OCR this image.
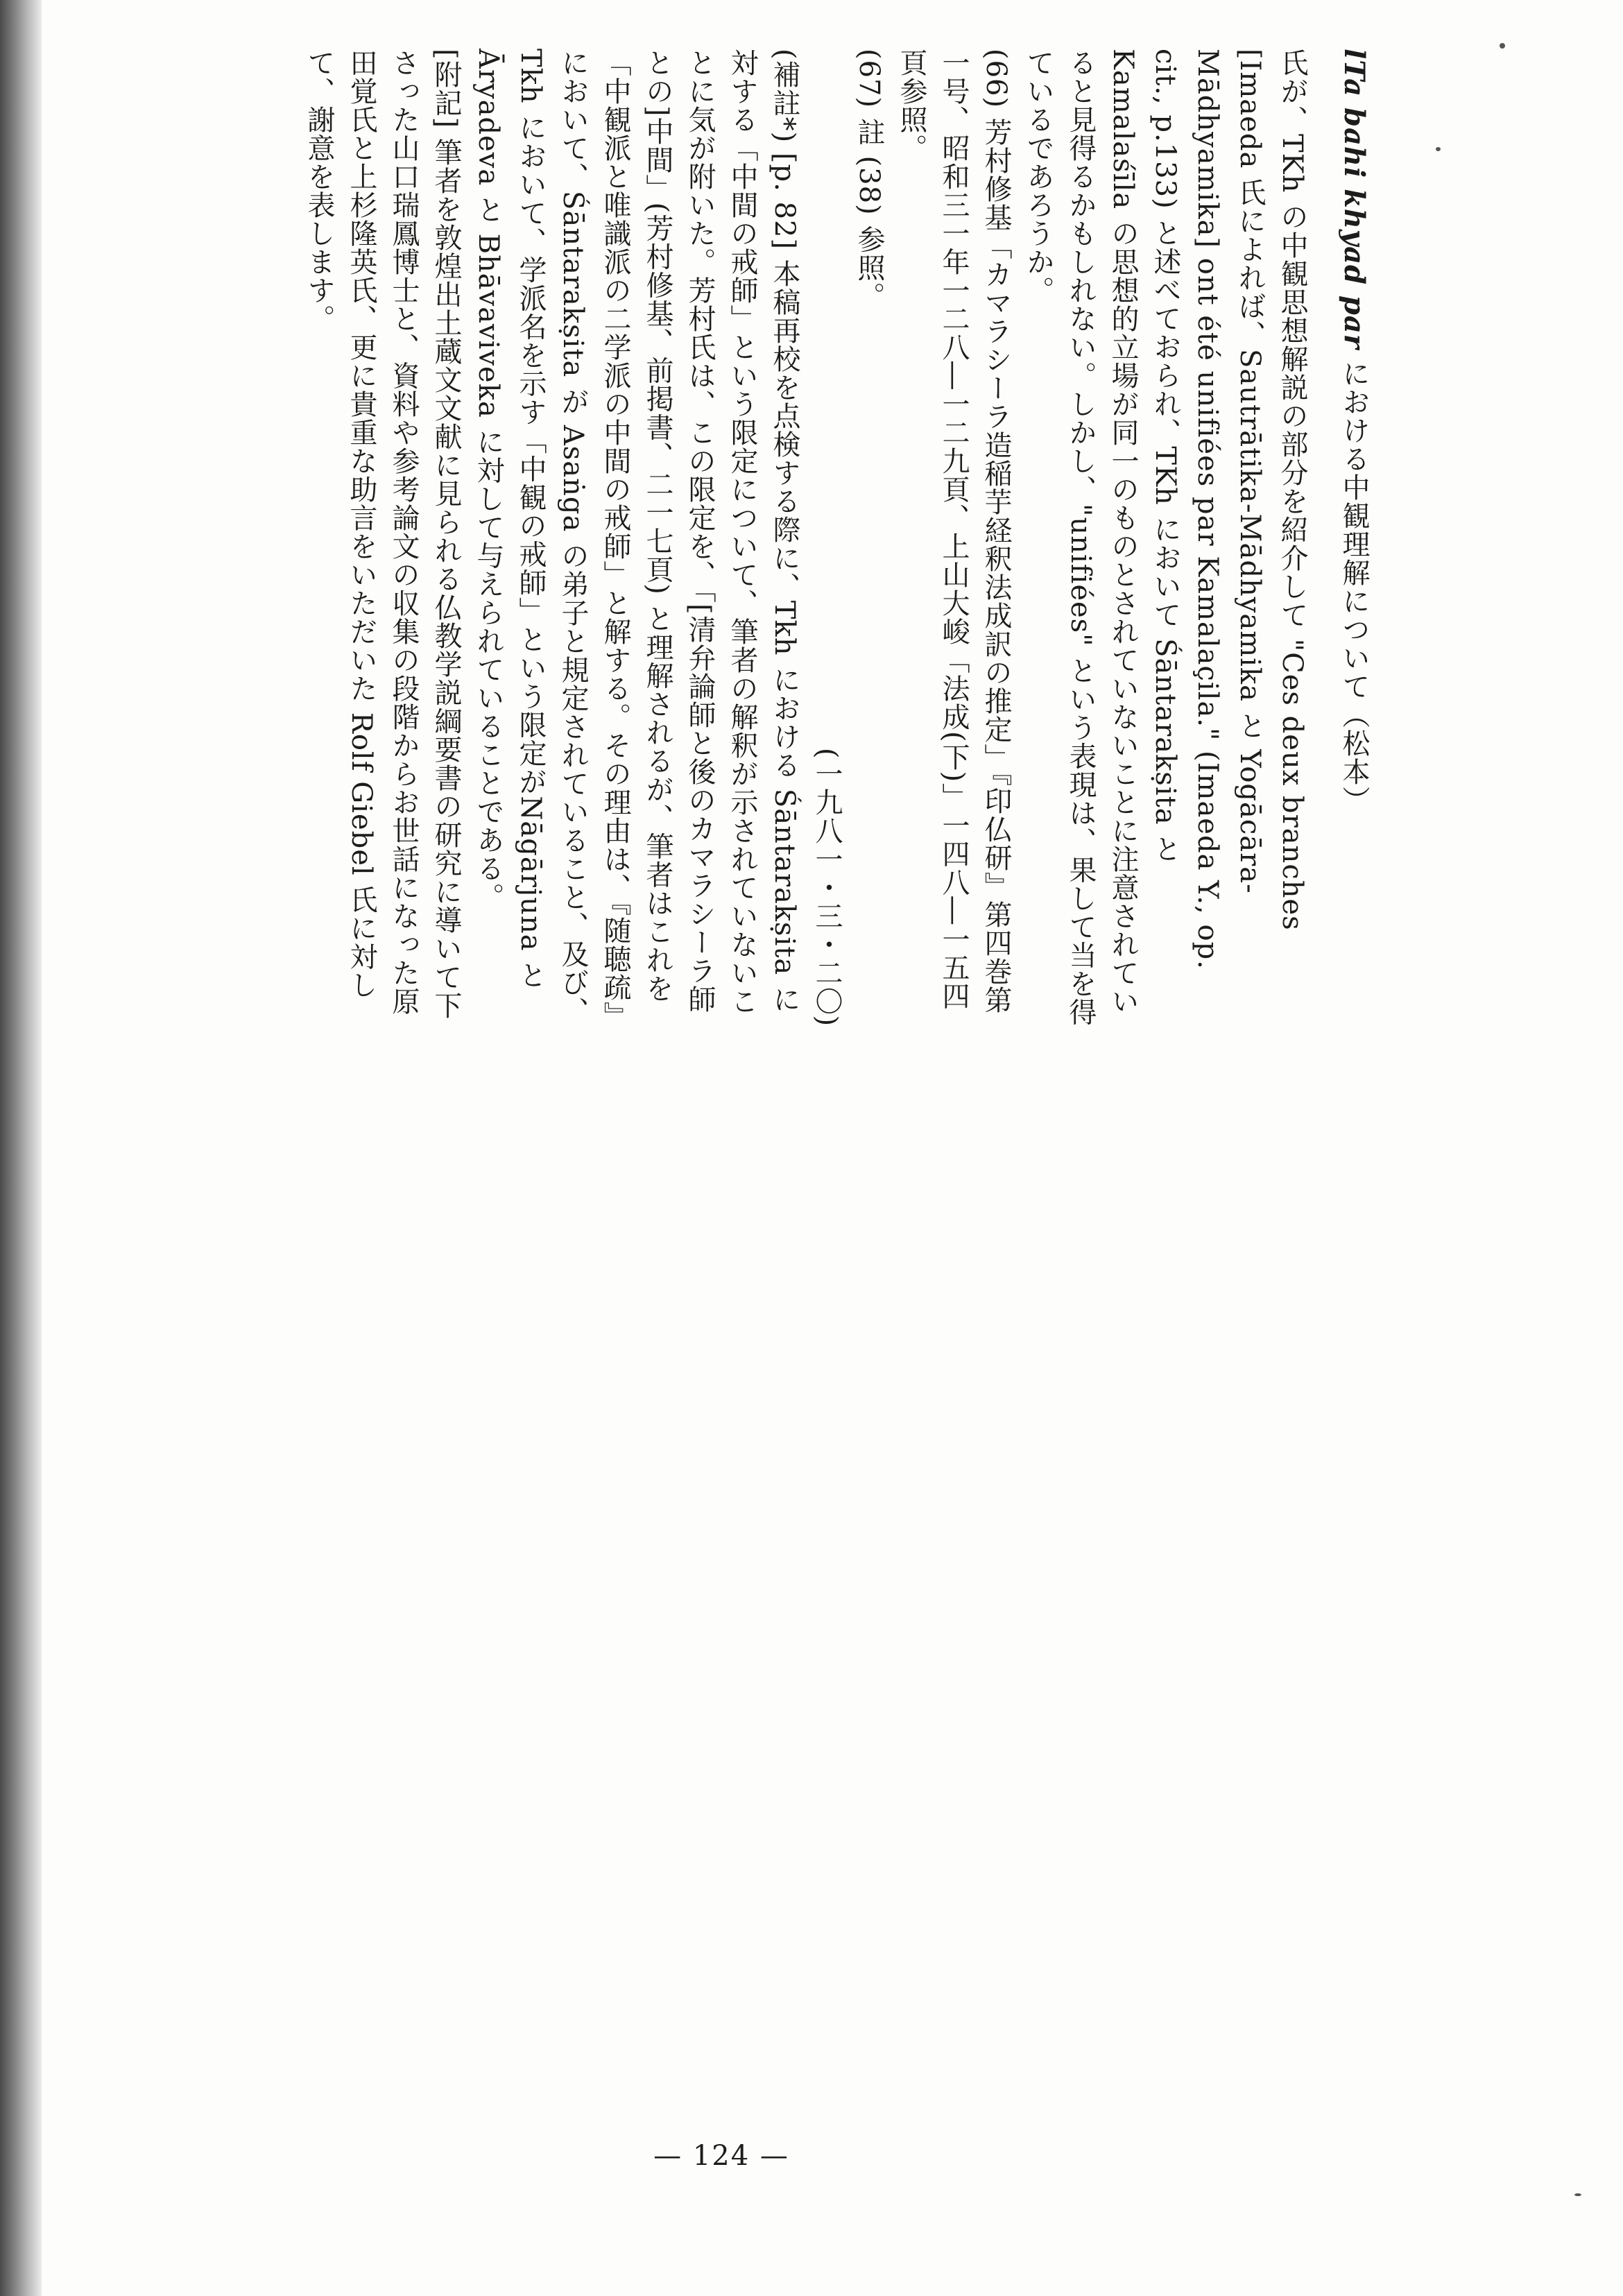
lTa bahi khyad par における中観理解について（松本）

氏が、TKh の中観思想解説の部分を紹介して "Ces deux branches [Imaeda 氏によれば、Sautrātika-Mādhyamika と Yogācāra-Mādhyamika] ont été unifiées par Kamalaçila." (Imaeda Y., op. cit., p.133) と述べておられ、TKh において Śāntarakṣita と Kamalaśīla の思想的立場が同一のものとされていないことに注意されていると見得るかもしれない。しかし、"unifiées" という表現は、果して当を得ているであろうか。

(66) 芳村修基「カマラシーラ造稲芋経釈法成訳の推定」『印仏研』第四巻第一号、昭和三一年一二八―一二九頁、上山大峻「法成(下)」一四八―一五四頁参照。

(67) 註 (38) 参照。

(一九八一・三・二〇)

(補註*) [p. 82] 本稿再校を点検する際に、Tkh における Śāntarakṣita に対する「中間の戒師」という限定について、筆者の解釈が示されていないことに気が附いた。芳村氏は、この限定を、「[清弁論師と後のカマラシーラ師との]中間」(芳村修基、前掲書、二一七頁) と理解されるが、筆者はこれを「中観派と唯識派の二学派の中間の戒師」と解する。その理由は、『随聴疏』において、Śāntarakṣita が Asaṅga の弟子と規定されていること、及び、Tkh において、学派名を示す「中観の戒師」という限定がNāgārjuna と Āryadeva と Bhāvaviveka に対して与えられていることである。

[附記] 筆者を敦煌出土蔵文文献に見られる仏教学説綱要書の研究に導いて下さった山口瑞鳳博士と、資料や参考論文の収集の段階からお世話になった原田覚氏と上杉隆英氏、更に貴重な助言をいただいた Rolf Giebel 氏に対して、謝意を表します。

— 124 —
